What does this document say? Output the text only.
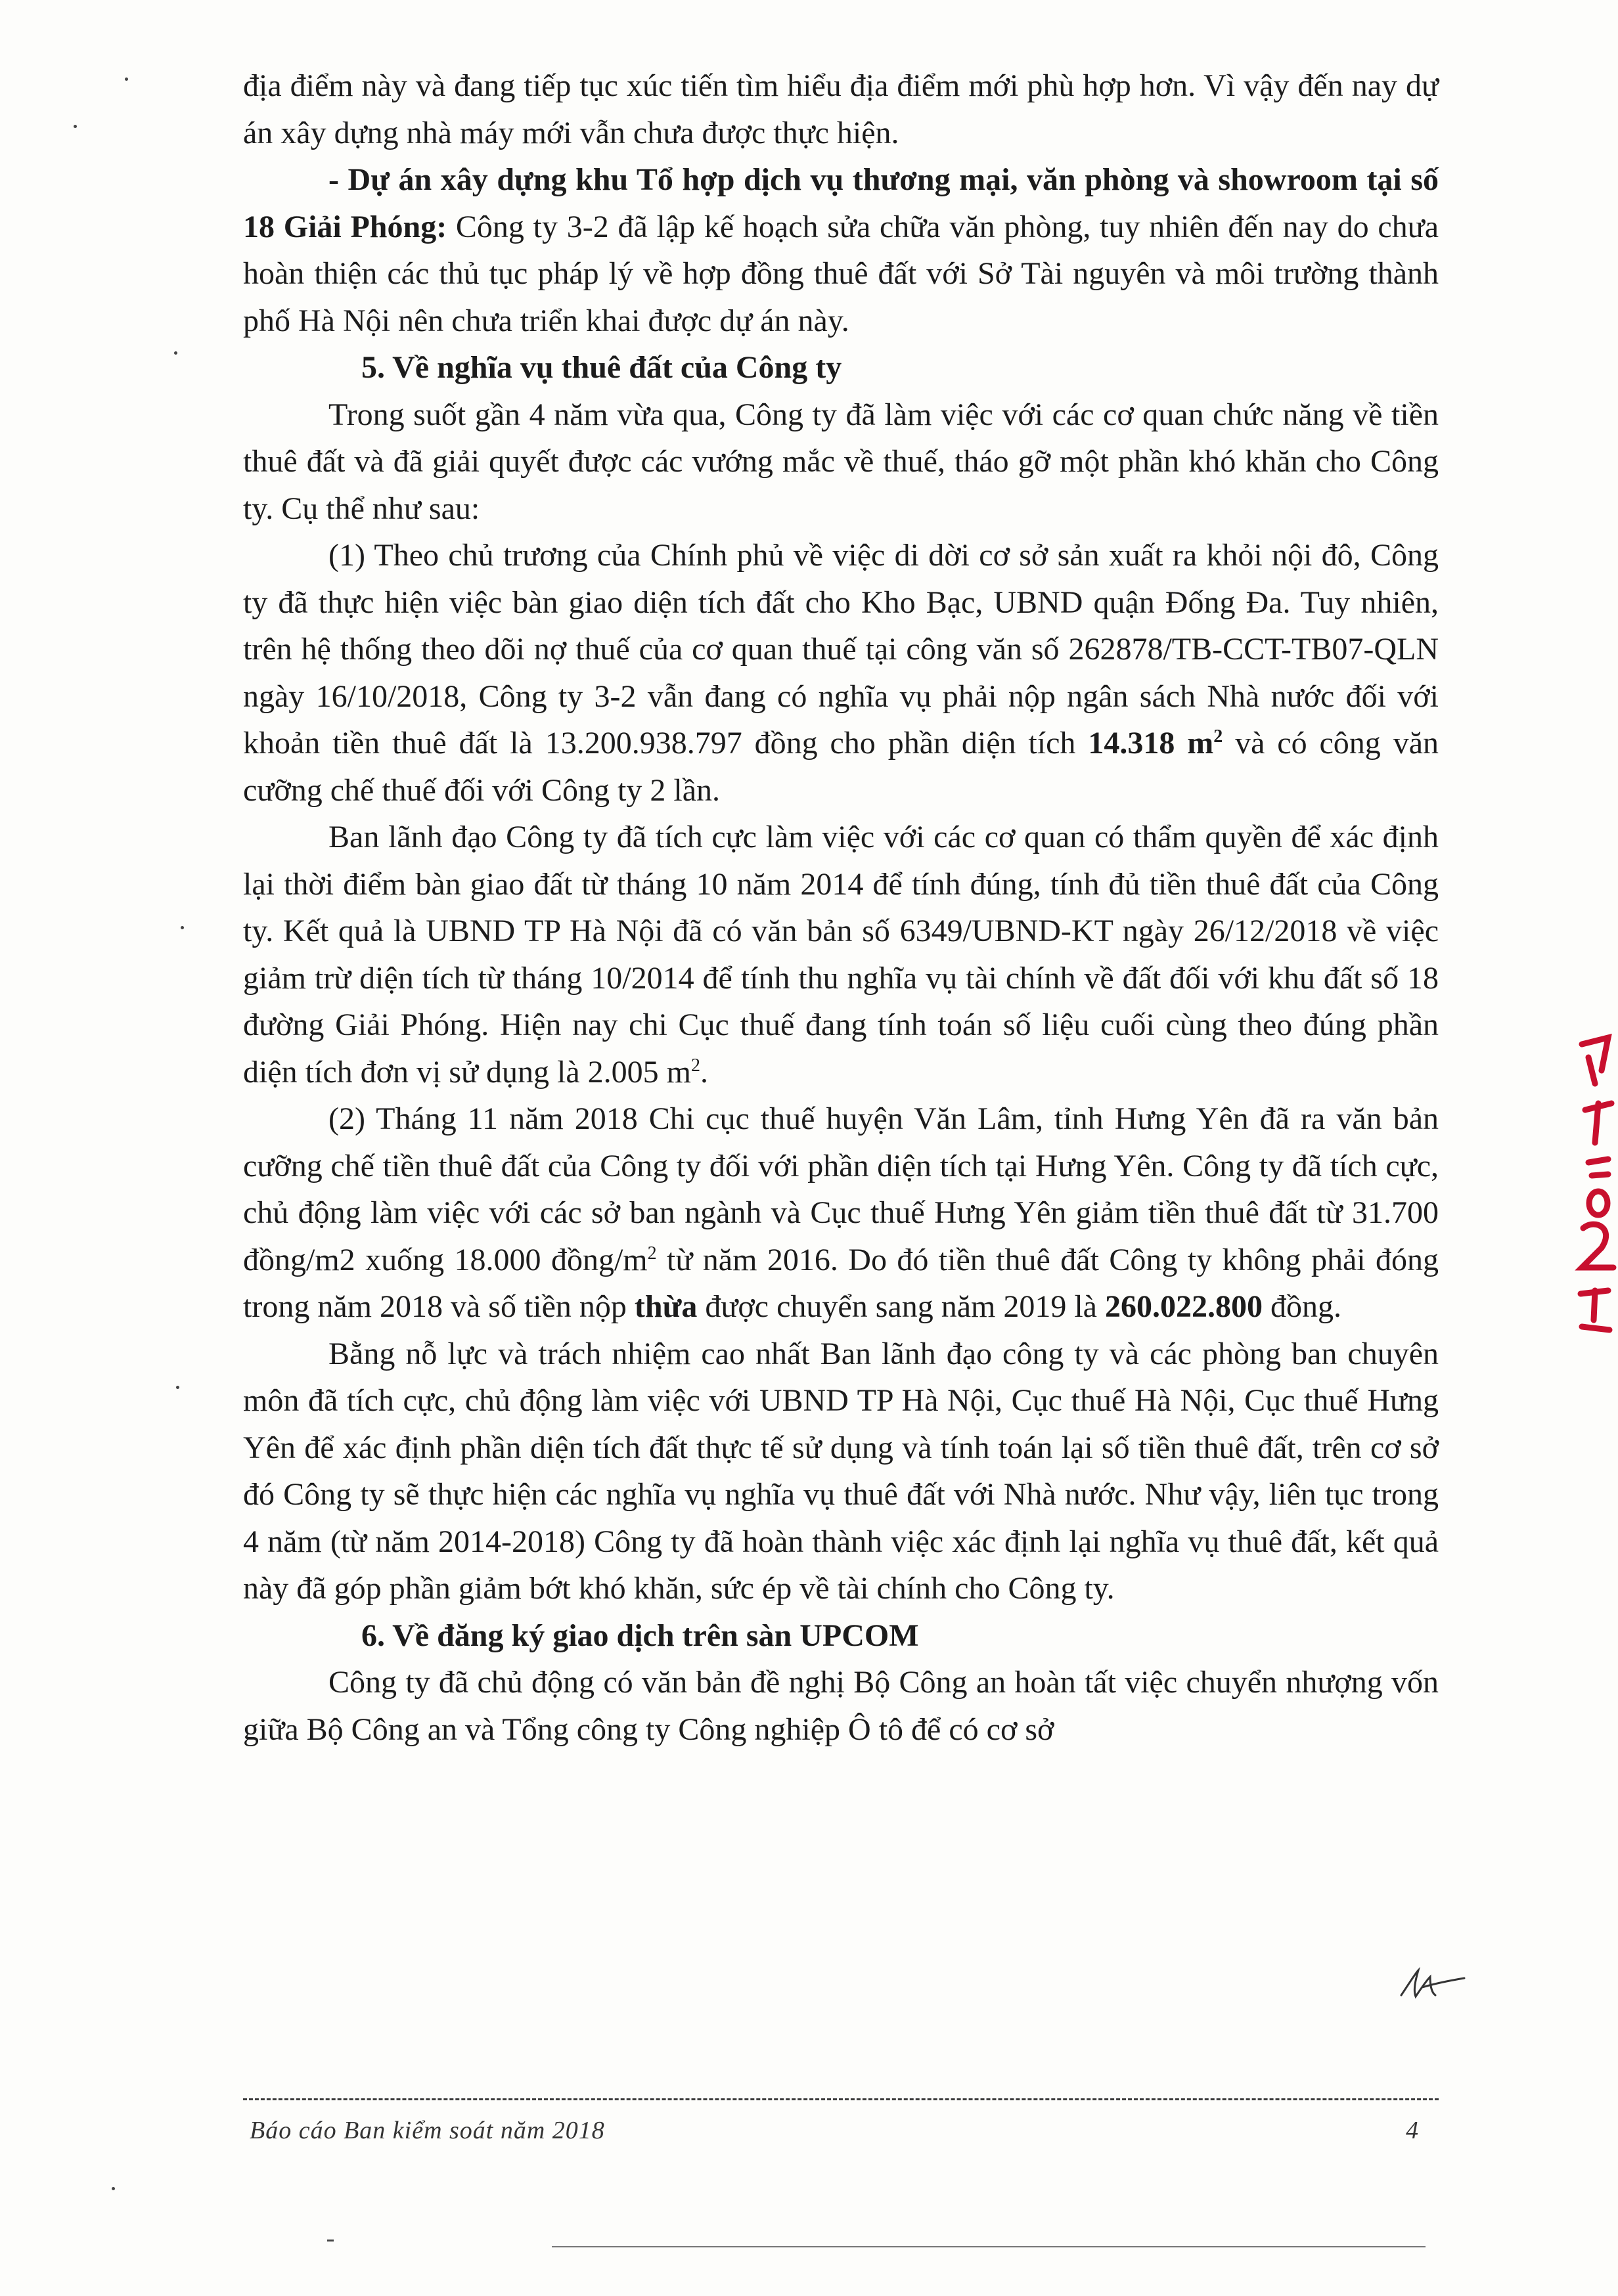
địa điểm này và đang tiếp tục xúc tiến tìm hiểu địa điểm mới phù hợp hơn. Vì vậy đến nay dự án xây dựng nhà máy mới vẫn chưa được thực hiện.

- Dự án xây dựng khu Tổ hợp dịch vụ thương mại, văn phòng và showroom tại số 18 Giải Phóng: Công ty 3-2 đã lập kế hoạch sửa chữa văn phòng, tuy nhiên đến nay do chưa hoàn thiện các thủ tục pháp lý về hợp đồng thuê đất với Sở Tài nguyên và môi trường thành phố Hà Nội nên chưa triển khai được dự án này.

5. Về nghĩa vụ thuê đất của Công ty

Trong suốt gần 4 năm vừa qua, Công ty đã làm việc với các cơ quan chức năng về tiền thuê đất và đã giải quyết được các vướng mắc về thuế, tháo gỡ một phần khó khăn cho Công ty. Cụ thể như sau:

(1) Theo chủ trương của Chính phủ về việc di dời cơ sở sản xuất ra khỏi nội đô, Công ty đã thực hiện việc bàn giao diện tích đất cho Kho Bạc, UBND quận Đống Đa. Tuy nhiên, trên hệ thống theo dõi nợ thuế của cơ quan thuế tại công văn số 262878/TB-CCT-TB07-QLN ngày 16/10/2018, Công ty 3-2 vẫn đang có nghĩa vụ phải nộp ngân sách Nhà nước đối với khoản tiền thuê đất là 13.200.938.797 đồng cho phần diện tích 14.318 $m^2$ và có công văn cưỡng chế thuế đối với Công ty 2 lần.

Ban lãnh đạo Công ty đã tích cực làm việc với các cơ quan có thẩm quyền để xác định lại thời điểm bàn giao đất từ tháng 10 năm 2014 để tính đúng, tính đủ tiền thuê đất của Công ty. Kết quả là UBND TP Hà Nội đã có văn bản số 6349/UBND-KT ngày 26/12/2018 về việc giảm trừ diện tích từ tháng 10/2014 để tính thu nghĩa vụ tài chính về đất đối với khu đất số 18 đường Giải Phóng. Hiện nay chi Cục thuế đang tính toán số liệu cuối cùng theo đúng phần diện tích đơn vị sử dụng là 2.005 $m^2$.

(2) Tháng 11 năm 2018 Chi cục thuế huyện Văn Lâm, tỉnh Hưng Yên đã ra văn bản cưỡng chế tiền thuê đất của Công ty đối với phần diện tích tại Hưng Yên. Công ty đã tích cực, chủ động làm việc với các sở ban ngành và Cục thuế Hưng Yên giảm tiền thuê đất từ 31.700 đồng/m2 xuống 18.000 đồng/$m^2$ từ năm 2016. Do đó tiền thuê đất Công ty không phải đóng trong năm 2018 và số tiền nộp thừa được chuyển sang năm 2019 là 260.022.800 đồng.

Bằng nỗ lực và trách nhiệm cao nhất Ban lãnh đạo công ty và các phòng ban chuyên môn đã tích cực, chủ động làm việc với UBND TP Hà Nội, Cục thuế Hà Nội, Cục thuế Hưng Yên để xác định phần diện tích đất thực tế sử dụng và tính toán lại số tiền thuê đất, trên cơ sở đó Công ty sẽ thực hiện các nghĩa vụ nghĩa vụ thuê đất với Nhà nước. Như vậy, liên tục trong 4 năm (từ năm 2014-2018) Công ty đã hoàn thành việc xác định lại nghĩa vụ thuê đất, kết quả này đã góp phần giảm bớt khó khăn, sức ép về tài chính cho Công ty.

6. Về đăng ký giao dịch trên sàn UPCOM

Công ty đã chủ động có văn bản đề nghị Bộ Công an hoàn tất việc chuyển nhượng vốn giữa Bộ Công an và Tổng công ty Công nghiệp Ô tô để có cơ sở

Báo cáo Ban kiểm soát năm 2018	4
